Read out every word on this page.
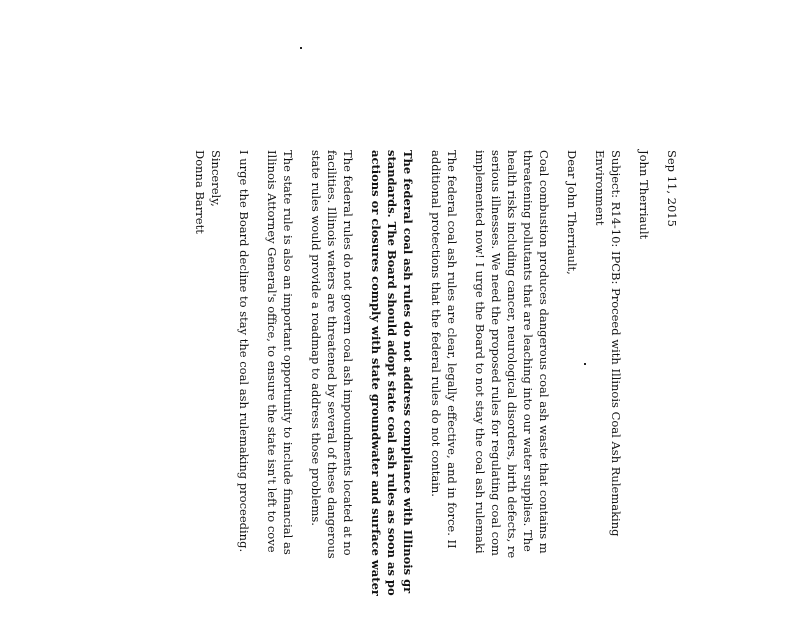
Sep 11, 2015
John Therriault
Subject: R14-10: IPCB: Proceed with Illinois Coal Ash Rulemaking
Environment
Dear John Therriault,
Coal combustion produces dangerous coal ash waste that contains m
threatening pollutants that are leaching into our water supplies. The
health risks including cancer, neurological disorders, birth defects, re
serious illnesses. We need the proposed rules for regulating coal com
implemented now! I urge the Board to not stay the coal ash rulemaki
The federal coal ash rules are clear, legally effective, and in force. II
additional protections that the federal rules do not contain.
The federal coal ash rules do not address compliance with Illinois gr
standards. The Board should adopt state coal ash rules as soon as po
actions or closures comply with state groundwater and surface water
The federal rules do not govern coal ash impoundments located at no
facilities. Illinois waters are threatened by several of these dangerous
state rules would provide a roadmap to address those problems.
The state rule is also an important opportunity to include financial as
Illinois Attorney General's office, to ensure the state isn't left to cove
I urge the Board decline to stay the coal ash rulemaking proceeding.
Sincerely,
Donna Barrett
